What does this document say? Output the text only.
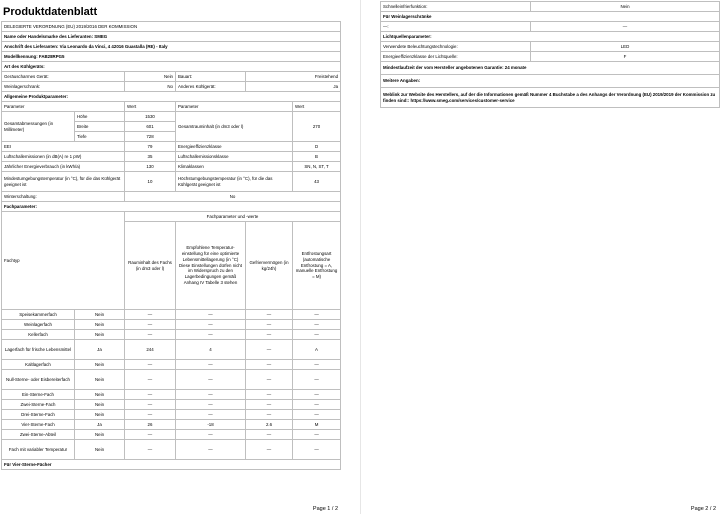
Produktdatenblatt
DELEGIERTE VERORDNUNG (EU) 2019/2016 DER KOMMISSION					
Name oder Handelsmarke des Lieferanten: SMEG					
Anschrift des Lieferanten: Via Leonardo da Vinci, 4 42016 Guastalla (RE) - Italy					
Modellkennung: FAB28RPG5					
Art des Kühlgeräts:					
Geräuscharmes Gerät:		Nein	Bauart:	Freistehend	
Weinlagerschrank:		No	Anderes Kühlgerät:	Ja	
Allgemeine Produktparameter:					
Parameter		Wert	Parameter		Wert
Gesamtabmessungen (in Millimeter)	Höhe	1530	Gesamtrauminhalt (in dm3 oder l)		270
	Breite	601			
	Tiefe	728			
EEI		79	Energieeffizienzklasse		D
Luftschallemissionen (in dB(A) re 1 pW)		35	Luftschallemissionsklasse		B
Jährlicher Energieverbrauch (in kWh/a)		130	Klimaklassen		SN, N, ST, T
Mindestumgebungstemperatur (in °C), für die das Kühlgerät geeignet ist		10	Höchstumgebungstemperatur (in °C), für die das Kühlgerät geeignet ist		43
Winterschaltung:		No			
Fachparameter:					
Fachtyp		Fachparameter und -werte			
		Rauminhalt des Fachs (in dm3 oder l)	Empfohlene Temperatur-einstellung für eine optimierte Lebensmittellagerung (in °C) Diese Einstellungen dürfen nicht im Widerspruch zu den Lagerbedingungen gemäß Anhang IV Tabelle 3 stehen	Gefriervermögen (in kg/24h)	Entfrostungsart (automatische Entfrostung = A, manuelle Entfrostung = M)
Speisekammerfach	Nein	—	—	—	—
Weinlagerfach	Nein	—	—	—	—
Kellerfach	Nein	—	—	—	—
Lagerfach für frische Lebensmittel	Ja	244	4	—	A
Kaltlagerfach	Nein	—	—	—	—
Null-Sterne- oder Eisbereiterfach	Nein	—	—	—	—
Ein-Sterne-Fach	Nein	—	—	—	—
Zwei-Sterne-Fach	Nein	—	—	—	—
Drei-Sterne-Fach	Nein	—	—	—	—
Vier-Sterne-Fach	Ja	26	-18	2.6	M
Zwei-Sterne-Abteil	Nein	—	—	—	—
Fach mit variabler Temperatur	Nein	—	—	—	—
Für Vier-Sterne-Fächer					
Page 1 / 2
Schnelleinfrierfunktion:	Nein
Für Weinlagerschränke	
—:	—
Lichtquellenparameter:	
Verwendete Beleuchtungstechnologie:	LED
Energieeffizienzklasse der Lichtquelle:	F
Mindestlaufzeit der vom Hersteller angebotenen Garantie: 24 monate	
Weitere Angaben:	
Weblink zur Website des Herstellers, auf der die Informationen gemäß Nummer 4 Buchstabe a des Anhangs der Verordnung (EU) 2019/2019 der Kommission zu finden sind:: https://www.smeg.com/services/customer-service	
Page 2 / 2
